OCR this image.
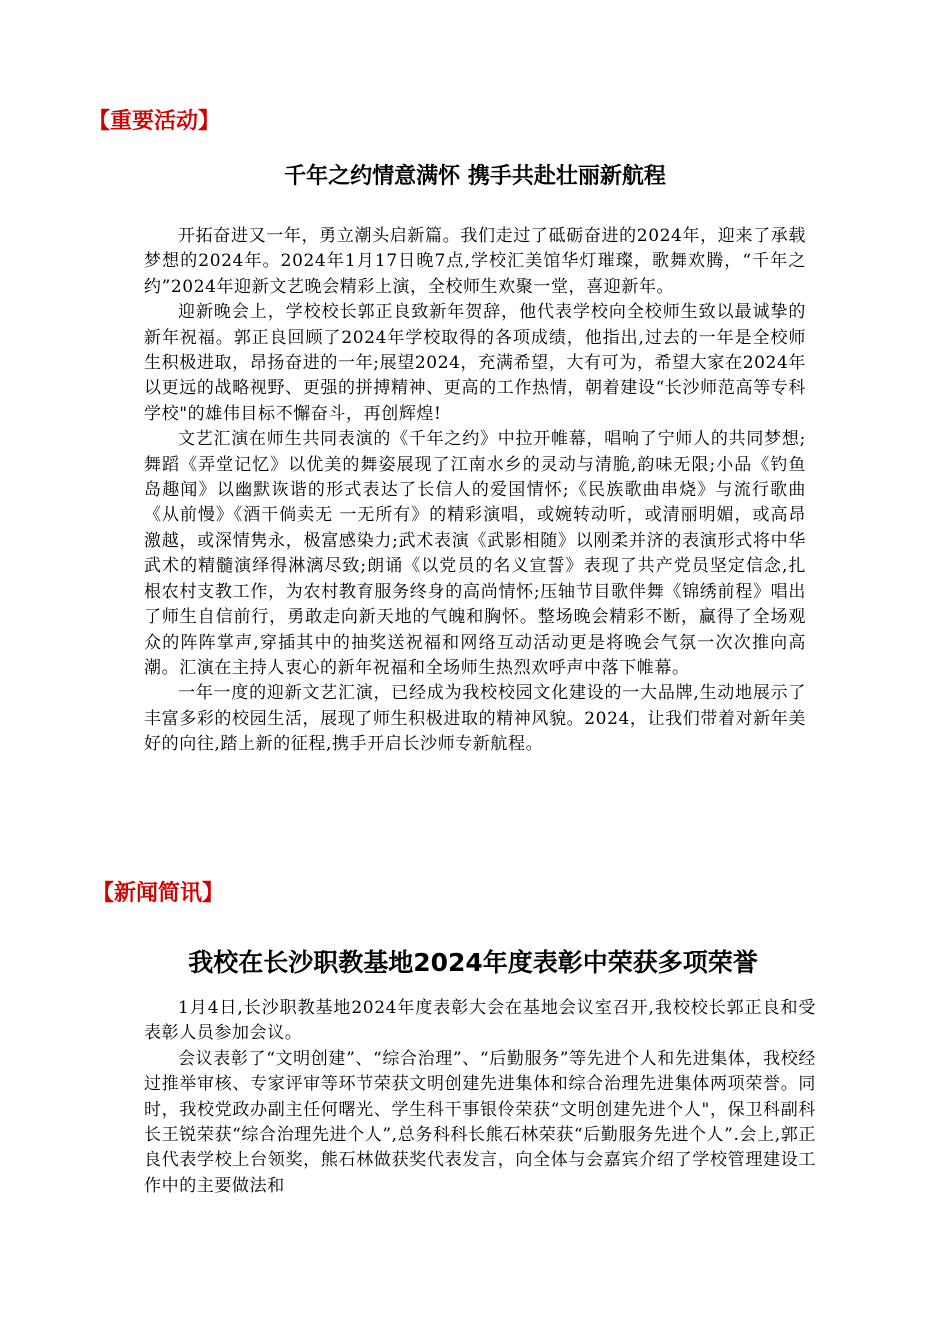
【重要活动】
千年之约情意满怀 携手共赴壮丽新航程

开拓奋进又一年，勇立潮头启新篇。我们走过了砥砺奋进的2024年，迎来了承载梦想的2024年。2024年1月17日晚7点,学校汇美馆华灯璀璨，歌舞欢腾，“千年之约”2024年迎新文艺晚会精彩上演，全校师生欢聚一堂，喜迎新年。

迎新晚会上，学校校长郭正良致新年贺辞，他代表学校向全校师生致以最诚挚的新年祝福。郭正良回顾了2024年学校取得的各项成绩，他指出,过去的一年是全校师生积极进取，昂扬奋进的一年;展望2024，充满希望，大有可为，希望大家在2024年以更远的战略视野、更强的拼搏精神、更高的工作热情，朝着建设“长沙师范高等专科学校"的雄伟目标不懈奋斗，再创辉煌!

文艺汇演在师生共同表演的《千年之约》中拉开帷幕，唱响了宁师人的共同梦想;舞蹈《弄堂记忆》以优美的舞姿展现了江南水乡的灵动与清脆,韵味无限;小品《钓鱼岛趣闻》以幽默诙谐的形式表达了长信人的爱国情怀;《民族歌曲串烧》与流行歌曲《从前慢》《酒干倘卖无 一无所有》的精彩演唱，或婉转动听，或清丽明媚，或高昂激越，或深情隽永，极富感染力;武术表演《武影相随》以刚柔并济的表演形式将中华武术的精髓演绎得淋漓尽致;朗诵《以党员的名义宣誓》表现了共产党员坚定信念,扎根农村支教工作，为农村教育服务终身的高尚情怀;压轴节目歌伴舞《锦绣前程》唱出了师生自信前行，勇敢走向新天地的气魄和胸怀。整场晚会精彩不断，赢得了全场观众的阵阵掌声,穿插其中的抽奖送祝福和网络互动活动更是将晚会气氛一次次推向高潮。汇演在主持人衷心的新年祝福和全场师生热烈欢呼声中落下帷幕。

一年一度的迎新文艺汇演，已经成为我校校园文化建设的一大品牌,生动地展示了丰富多彩的校园生活，展现了师生积极进取的精神风貌。2024，让我们带着对新年美好的向往,踏上新的征程,携手开启长沙师专新航程。

【新闻简讯】
我校在长沙职教基地2024年度表彰中荣获多项荣誉

1月4日,长沙职教基地2024年度表彰大会在基地会议室召开,我校校长郭正良和受表彰人员参加会议。

会议表彰了“文明创建”、“综合治理”、“后勤服务”等先进个人和先进集体，我校经过推举审核、专家评审等环节荣获文明创建先进集体和综合治理先进集体两项荣誉。同时，我校党政办副主任何曙光、学生科干事银伶荣获“文明创建先进个人"，保卫科副科长王锐荣获“综合治理先进个人”,总务科科长熊石林荣获“后勤服务先进个人”.会上,郭正良代表学校上台领奖，熊石林做获奖代表发言，向全体与会嘉宾介绍了学校管理建设工作中的主要做法和
